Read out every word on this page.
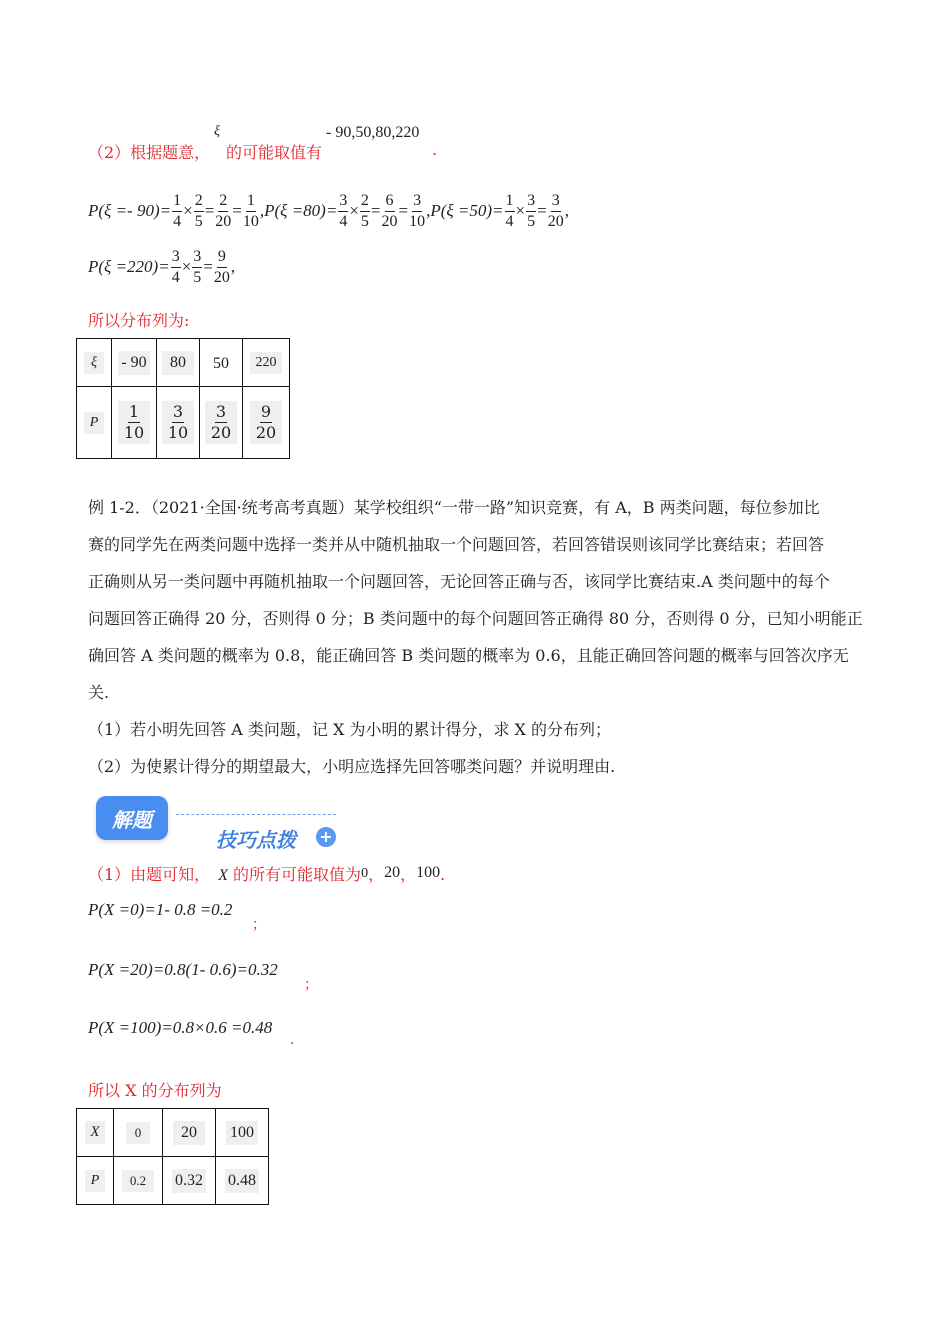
（2）根据题意，
ξ
的可能取值有
- 90,50,80,220
.
$P(\xi =- 90)= \frac{1}{4} \times \frac{2}{5} = \frac{2}{20} = \frac{1}{10} ,P(\xi =80)= \frac{3}{4} \times \frac{2}{5} = \frac{6}{20} = \frac{3}{10} ,P(\xi =50)= \frac{1}{4} \times \frac{3}{5} = \frac{3}{20}$ ,
$P(\xi =220)= \frac{3}{4} \times \frac{3}{5} = \frac{9}{20}$ ,
所以分布列为:
ξ	- 90	80	50	220
P	$\frac{1}{10}$	$\frac{3}{10}$	$\frac{3}{20}$	$\frac{9}{20}$
例 1-2．（2021·全国·统考高考真题）某学校组织“一带一路”知识竞赛，有 A，B 两类问题，每位参加比
赛的同学先在两类问题中选择一类并从中随机抽取一个问题回答，若回答错误则该同学比赛结束；若回答
正确则从另一类问题中再随机抽取一个问题回答，无论回答正确与否，该同学比赛结束.A 类问题中的每个
问题回答正确得 20 分，否则得 0 分；B 类问题中的每个问题回答正确得 80 分，否则得 0 分，已知小明能正
确回答 A 类问题的概率为 0.8，能正确回答 B 类问题的概率为 0.6，且能正确回答问题的概率与回答次序无
关.
（1）若小明先回答 A 类问题，记 X 为小明的累计得分，求 X 的分布列；
（2）为使累计得分的期望最大，小明应选择先回答哪类问题？并说明理由.
解题
技巧点拨 +
（1）由题可知， X 的所有可能取值为0，20，100.
P(X =0)=1- 0.8 =0.2
；
P(X =20)=0.8(1- 0.6)=0.32
；
P(X =100)=0.8×0.6 =0.48
.
所以 X 的分布列为
X	0	20	100
P	0.2	0.32	0.48
